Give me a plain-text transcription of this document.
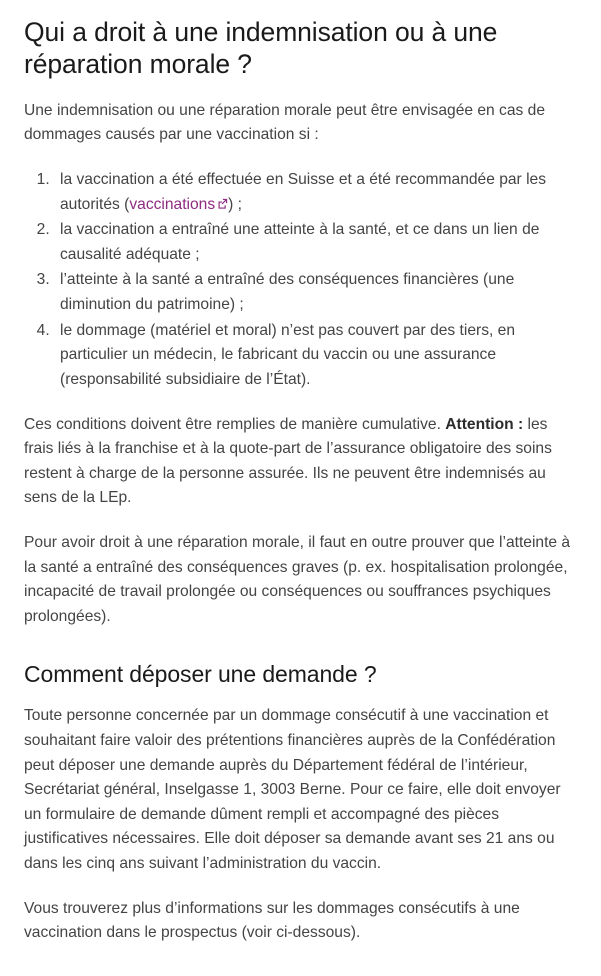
Qui a droit à une indemnisation ou à une réparation morale ?

Une indemnisation ou une réparation morale peut être envisagée en cas de dommages causés par une vaccination si :

1. la vaccination a été effectuée en Suisse et a été recommandée par les autorités (vaccinations ) ;
2. la vaccination a entraîné une atteinte à la santé, et ce dans un lien de causalité adéquate ;
3. l’atteinte à la santé a entraîné des conséquences financières (une diminution du patrimoine) ;
4. le dommage (matériel et moral) n’est pas couvert par des tiers, en particulier un médecin, le fabricant du vaccin ou une assurance (responsabilité subsidiaire de l’État).

Ces conditions doivent être remplies de manière cumulative. Attention : les frais liés à la franchise et à la quote-part de l’assurance obligatoire des soins restent à charge de la personne assurée. Ils ne peuvent être indemnisés au sens de la LEp.

Pour avoir droit à une réparation morale, il faut en outre prouver que l’atteinte à la santé a entraîné des conséquences graves (p. ex. hospitalisation prolongée, incapacité de travail prolongée ou conséquences ou souffrances psychiques prolongées).

Comment déposer une demande ?

Toute personne concernée par un dommage consécutif à une vaccination et souhaitant faire valoir des prétentions financières auprès de la Confédération peut déposer une demande auprès du Département fédéral de l’intérieur, Secrétariat général, Inselgasse 1, 3003 Berne. Pour ce faire, elle doit envoyer un formulaire de demande dûment rempli et accompagné des pièces justificatives nécessaires. Elle doit déposer sa demande avant ses 21 ans ou dans les cinq ans suivant l’administration du vaccin.

Vous trouverez plus d’informations sur les dommages consécutifs à une vaccination dans le prospectus (voir ci-dessous).
